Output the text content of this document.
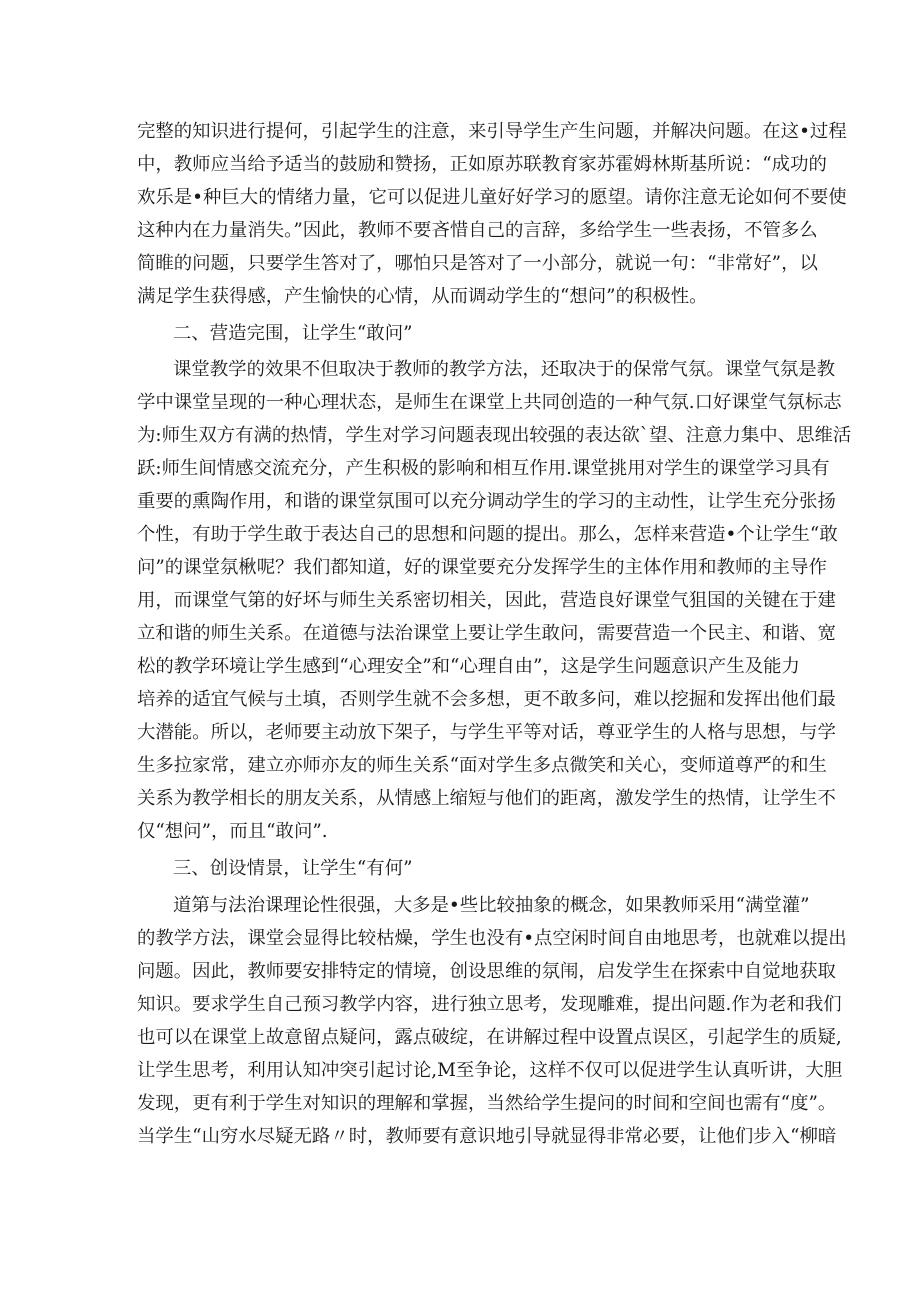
完整的知识进行提何，引起学生的注意，来引导学生产生问题，并解决问题。在这•过程
中，教师应当给予适当的鼓励和赞扬，正如原苏联教育家苏霍姆林斯基所说：“成功的
欢乐是•种巨大的情绪力量，它可以促进儿童好好学习的愿望。请你注意无论如何不要使
这种内在力量消失。”因此，教师不要吝惜自己的言辞，多给学生一些表扬，不管多么
简睢的问题，只要学生答对了，哪怕只是答对了一小部分，就说一句：“非常好”，以
满足学生获得感，产生愉快的心情，从而调动学生的“想问”的积极性。
二、营造完围，让学生“敢问”
课堂教学的效果不但取决于教师的教学方法，还取决于的保常气氛。课堂气氛是教
学中课堂呈现的一种心理状态，是师生在课堂上共同创造的一种气氛.口好课堂气氛标志
为:师生双方有满的热情，学生对学习问题表现出较强的表达欲`望、注意力集中、思维活
跃:师生间情感交流充分，产生积极的影响和相互作用.课堂挑用对学生的课堂学习具有
重要的熏陶作用，和谐的课堂氛围可以充分调动学生的学习的主动性，让学生充分张扬
个性，有助于学生敢于表达自己的思想和问题的提出。那么，怎样来营造•个让学生“敢
问”的课堂氛楸呢？我们都知道，好的课堂要充分发挥学生的主体作用和教师的主导作
用，而课堂气第的好坏与师生关系密切相关，因此，营造良好课堂气狙国的关键在于建
立和谐的师生关系。在道德与法治课堂上要让学生敢问，需要营造一个民主、和谐、宽
松的教学环境让学生感到“心理安全”和“心理自由”，这是学生问题意识产生及能力
培养的适宜气候与土填，否则学生就不会多想，更不敢多问，难以挖掘和发挥出他们最
大潜能。所以，老师要主动放下架子，与学生平等对话，尊亚学生的人格与思想，与学
生多拉家常，建立亦师亦友的师生关系“面对学生多点微笑和关心，变师道尊严的和生
关系为教学相长的朋友关系，从情感上缩短与他们的距离，激发学生的热情，让学生不
仅“想问”，而且“敢问”.
三、创设情景，让学生“有何”
道第与法治课理论性很强，大多是•些比较抽象的概念，如果教师采用“满堂灌”
的教学方法，课堂会显得比较枯燥，学生也没有•点空闲时间自由地思考，也就难以提出
问题。因此，教师要安排特定的情境，创设思维的氛闱，启发学生在探索中自觉地获取
知识。要求学生自己预习教学内容，进行独立思考，发现雕难，提出问题.作为老和我们
也可以在课堂上故意留点疑问，露点破绽，在讲解过程中设置点误区，引起学生的质疑,
让学生思考，利用认知冲突引起讨论,M至争论，这样不仅可以促进学生认真听讲，大胆
发现，更有利于学生对知识的理解和掌握，当然给学生提问的时间和空间也需有“度”。
当学生“山穷水尽疑无路〃时，教师要有意识地引导就显得非常必要，让他们步入“柳暗
